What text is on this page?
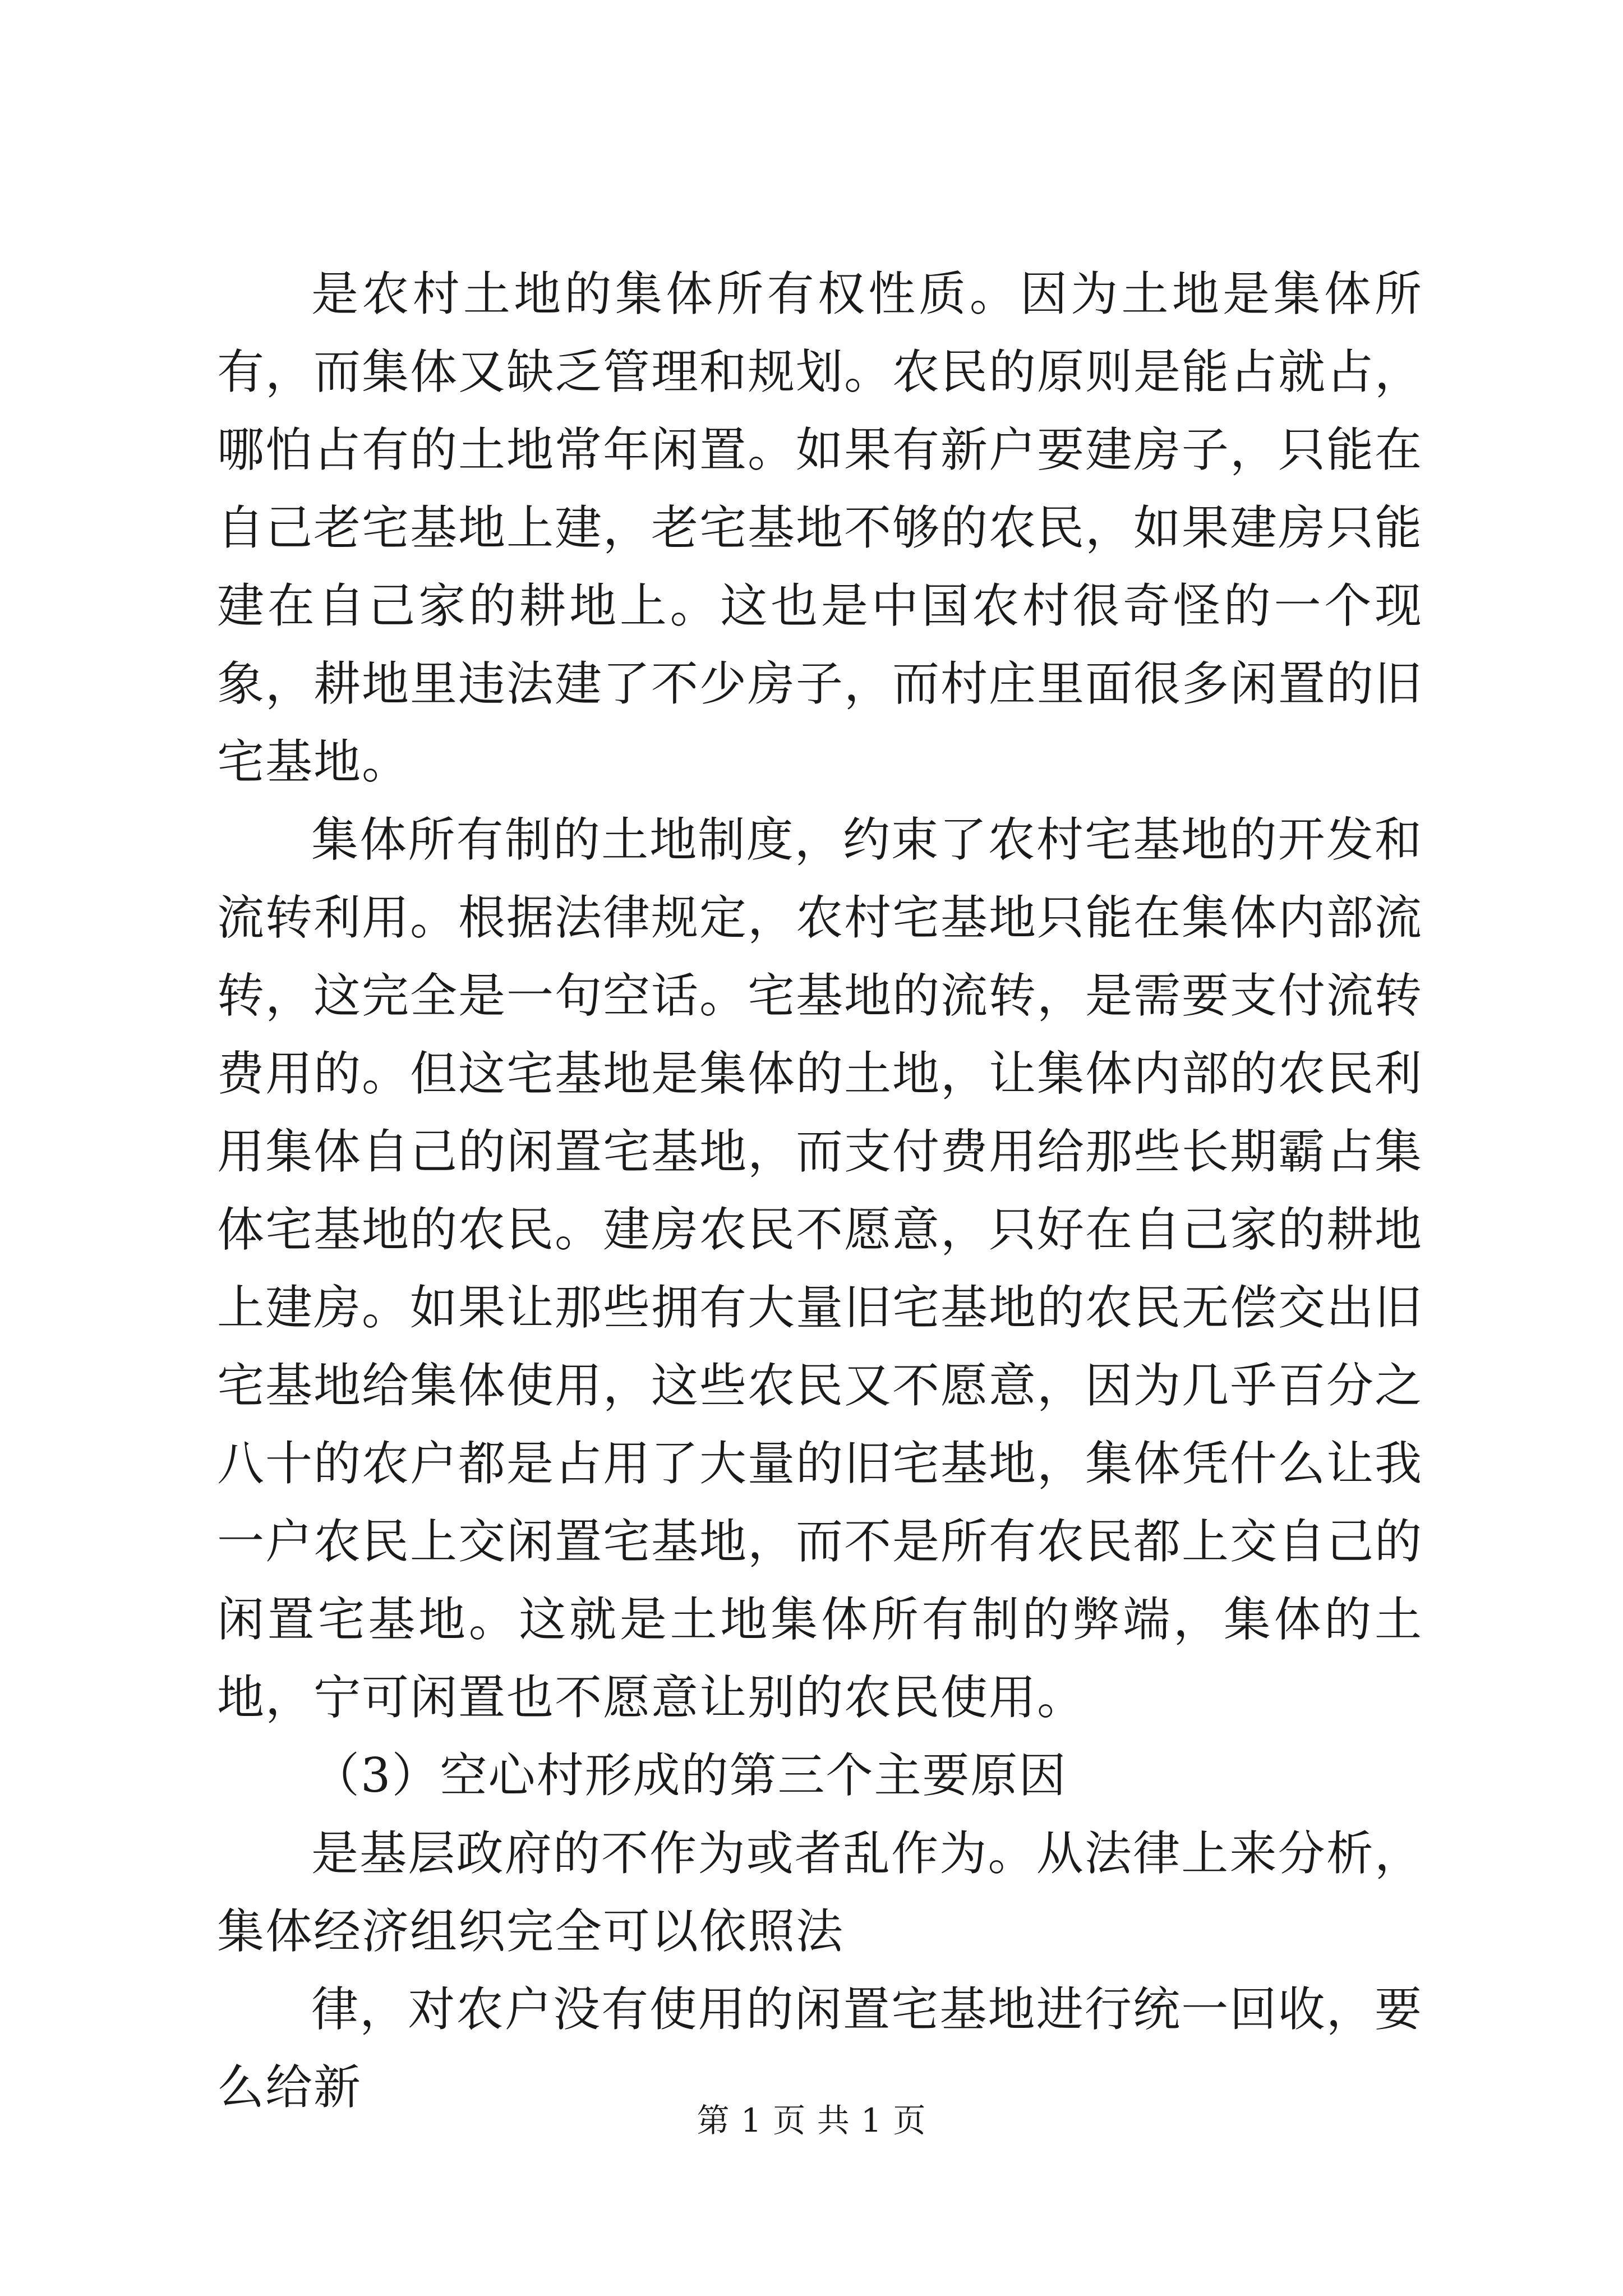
是农村土地的集体所有权性质。因为土地是集体所有，而集体又缺乏管理和规划。农民的原则是能占就占，哪怕占有的土地常年闲置。如果有新户要建房子，只能在自己老宅基地上建，老宅基地不够的农民，如果建房只能建在自己家的耕地上。这也是中国农村很奇怪的一个现象，耕地里违法建了不少房子，而村庄里面很多闲置的旧宅基地。

集体所有制的土地制度，约束了农村宅基地的开发和流转利用。根据法律规定，农村宅基地只能在集体内部流转，这完全是一句空话。宅基地的流转，是需要支付流转费用的。但这宅基地是集体的土地，让集体内部的农民利用集体自己的闲置宅基地，而支付费用给那些长期霸占集体宅基地的农民。建房农民不愿意，只好在自己家的耕地上建房。如果让那些拥有大量旧宅基地的农民无偿交出旧宅基地给集体使用，这些农民又不愿意，因为几乎百分之八十的农户都是占用了大量的旧宅基地，集体凭什么让我一户农民上交闲置宅基地，而不是所有农民都上交自己的闲置宅基地。这就是土地集体所有制的弊端，集体的土地，宁可闲置也不愿意让别的农民使用。

（3）空心村形成的第三个主要原因

是基层政府的不作为或者乱作为。从法律上来分析，集体经济组织完全可以依照法

律，对农户没有使用的闲置宅基地进行统一回收，要么给新

第 1 页 共 1 页
